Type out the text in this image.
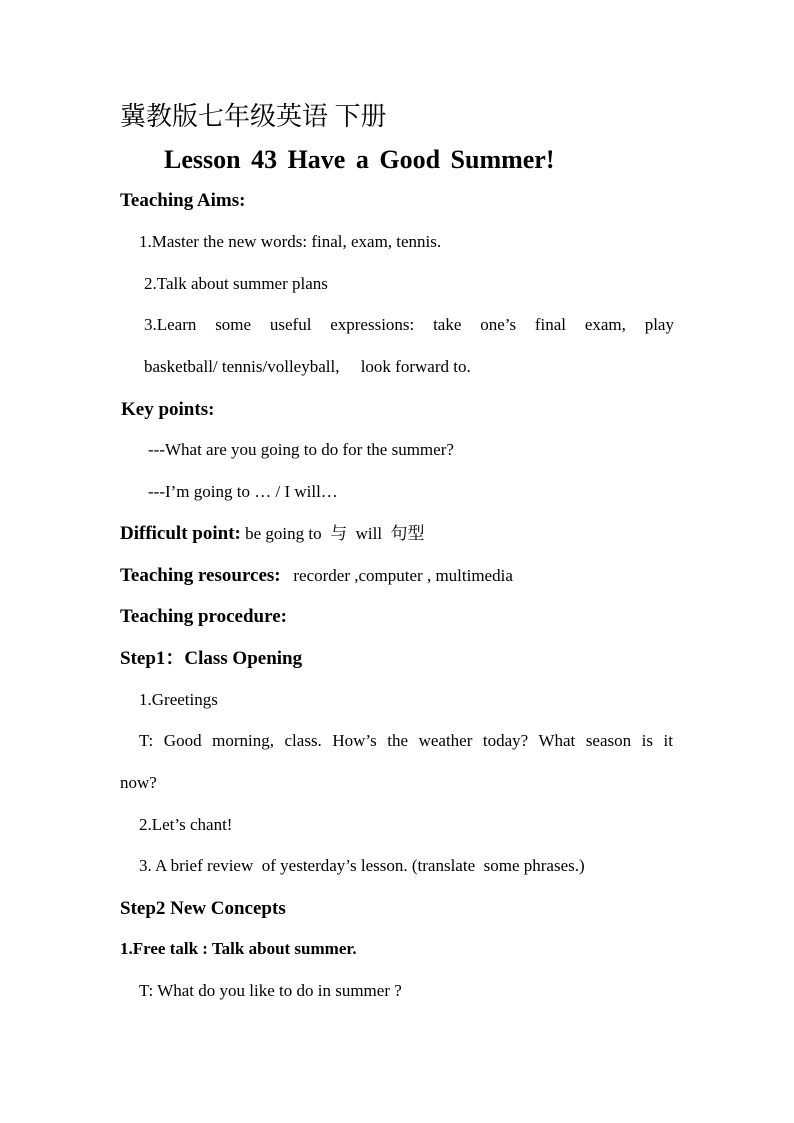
冀教版七年级英语 下册
Lesson 43 Have a Good Summer!
Teaching Aims:
1.Master the new words: final, exam, tennis.
2.Talk about summer plans
3.Learn some useful expressions: take one’s final exam, play
basketball/ tennis/volleyball,     look forward to.
Key points:
---What are you going to do for the summer?
---I’m going to … / I will…
Difficult point: be going to  与  will  句型
Teaching resources:   recorder ,computer , multimedia
Teaching procedure:
Step1：Class Opening
1.Greetings
T: Good morning, class. How’s the weather today? What season is it
now?
2.Let’s chant!
3. A brief review  of yesterday’s lesson. (translate  some phrases.)
Step2 New Concepts
1.Free talk : Talk about summer.
T: What do you like to do in summer ?
